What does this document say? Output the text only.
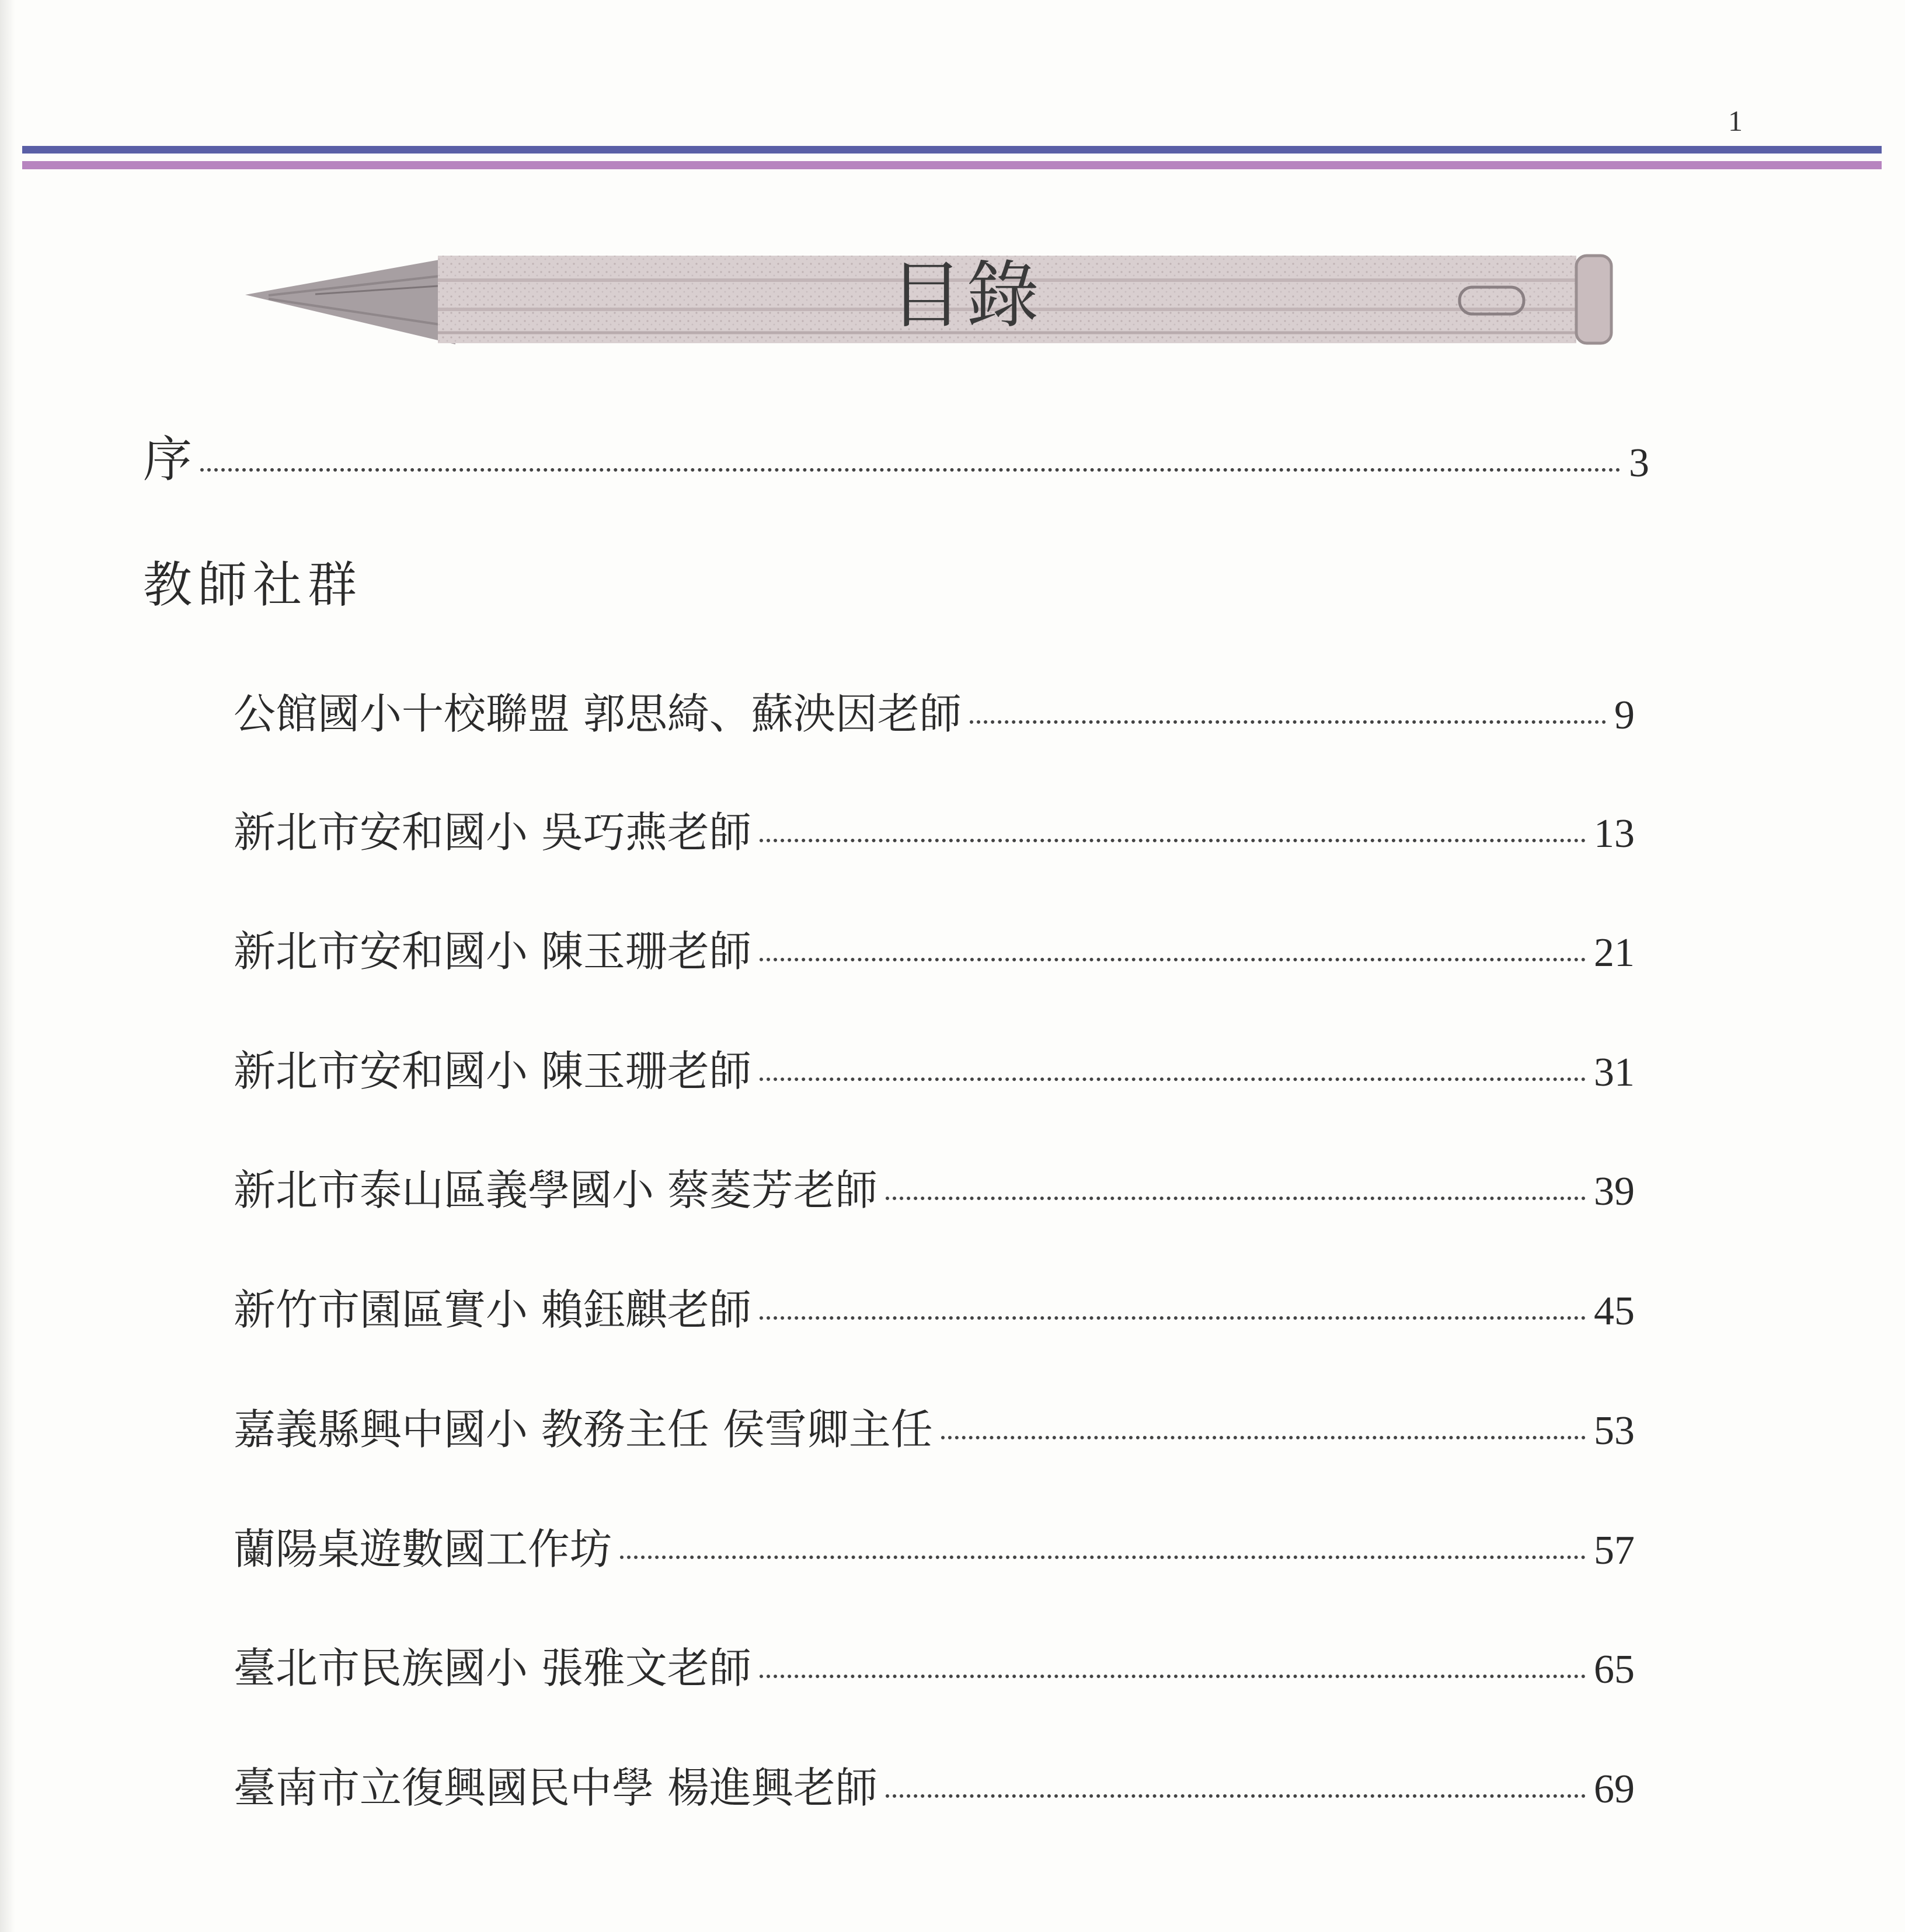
1
目錄
序	3
教師社群
公館國小十校聯盟 郭思綺、蘇泱因老師	9
新北市安和國小 吳巧燕老師	13
新北市安和國小 陳玉珊老師	21
新北市安和國小 陳玉珊老師	31
新北市泰山區義學國小 蔡菱芳老師	39
新竹市園區實小 賴鈺麒老師	45
嘉義縣興中國小 教務主任 侯雪卿主任	53
蘭陽桌遊數國工作坊	57
臺北市民族國小 張雅文老師	65
臺南市立復興國民中學 楊進興老師	69
